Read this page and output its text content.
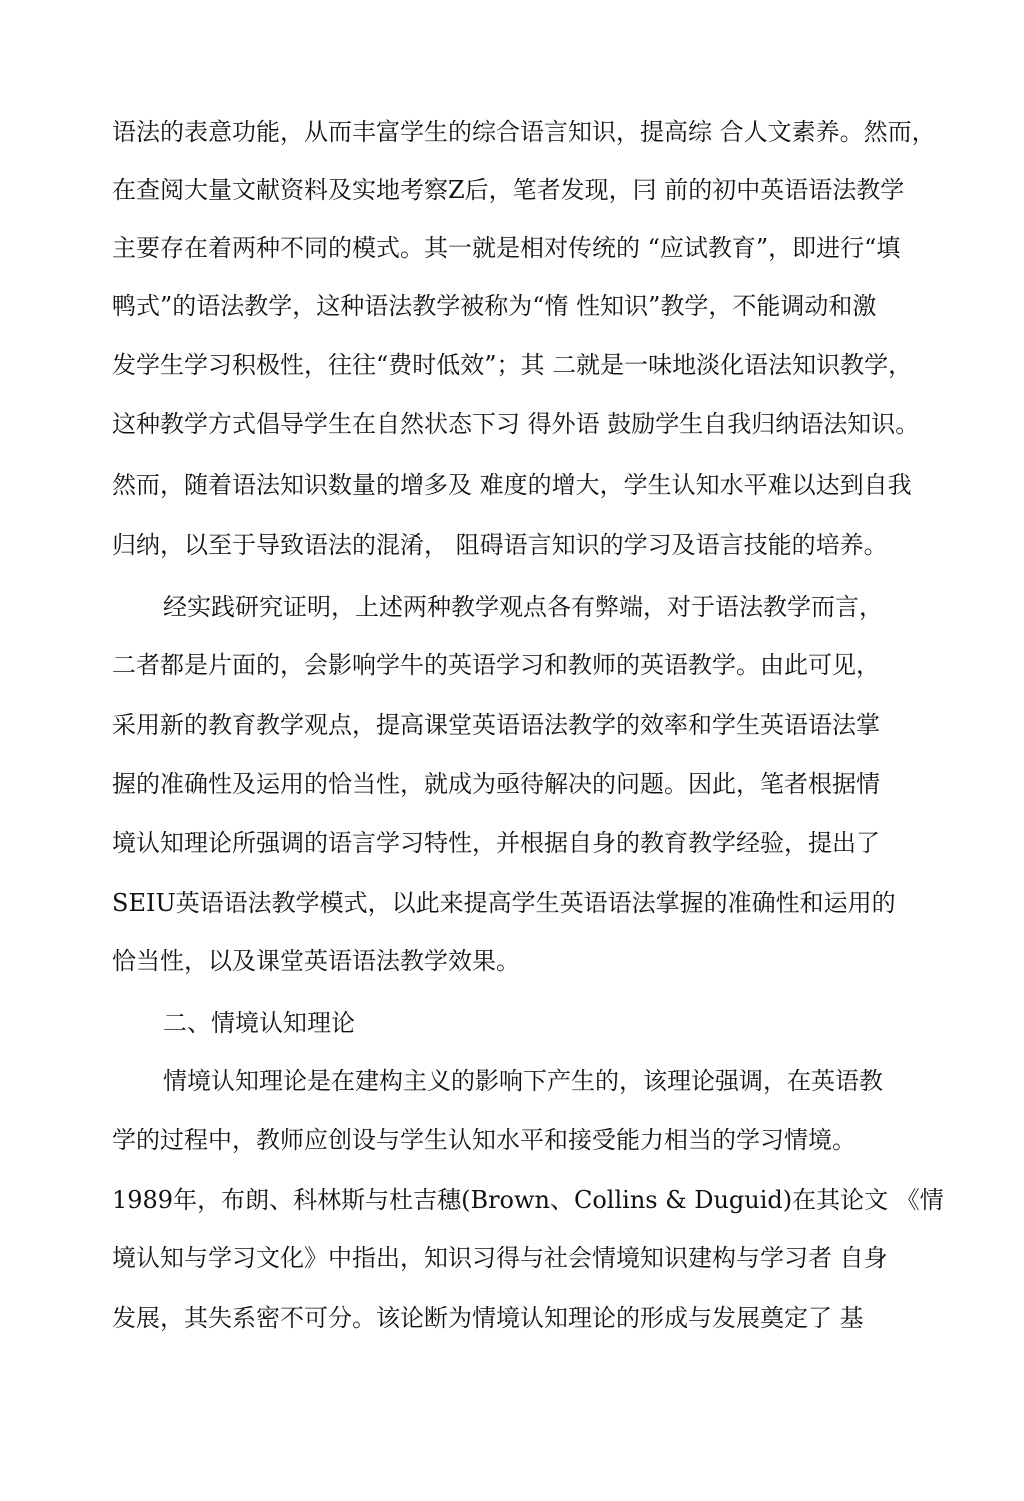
语法的表意功能，从而丰富学生的综合语言知识，提高综 合人文素养。然而，
在查阅大量文献资料及实地考察Z后，笔者发现，冃 前的初中英语语法教学
主要存在着两种不同的模式。其一就是相对传统的 “应试教育”，即进行“填
鸭式”的语法教学，这种语法教学被称为“惰 性知识”教学，不能调动和激
发学生学习积极性，往往“费时低效”；其 二就是一味地淡化语法知识教学，
这种教学方式倡导学生在自然状态下习 得外语 鼓励学生自我归纳语法知识。
然而，随着语法知识数量的增多及 难度的增大，学生认知水平难以达到自我
归纳，以至于导致语法的混淆， 阻碍语言知识的学习及语言技能的培养。
经实践研究证明，上述两种教学观点各有弊端，对于语法教学而言，
二者都是片面的，会影响学牛的英语学习和教师的英语教学。由此可见，
采用新的教育教学观点，提高课堂英语语法教学的效率和学生英语语法掌
握的准确性及运用的恰当性，就成为亟待解决的问题。因此，笔者根据情
境认知理论所强调的语言学习特性，并根据自身的教育教学经验，提出了
SEIU英语语法教学模式，以此来提高学生英语语法掌握的准确性和运用的
恰当性，以及课堂英语语法教学效果。
二、情境认知理论
情境认知理论是在建构主义的影响下产生的，该理论强调，在英语教
学的过程中，教师应创设与学生认知水平和接受能力相当的学习情境。
1989年，布朗、科林斯与杜吉穗(Brown、Collins & Duguid)在其论文 《情
境认知与学习文化》中指出，知识习得与社会情境知识建构与学习者 自身
发展，其失系密不可分。该论断为情境认知理论的形成与发展奠定了 基
